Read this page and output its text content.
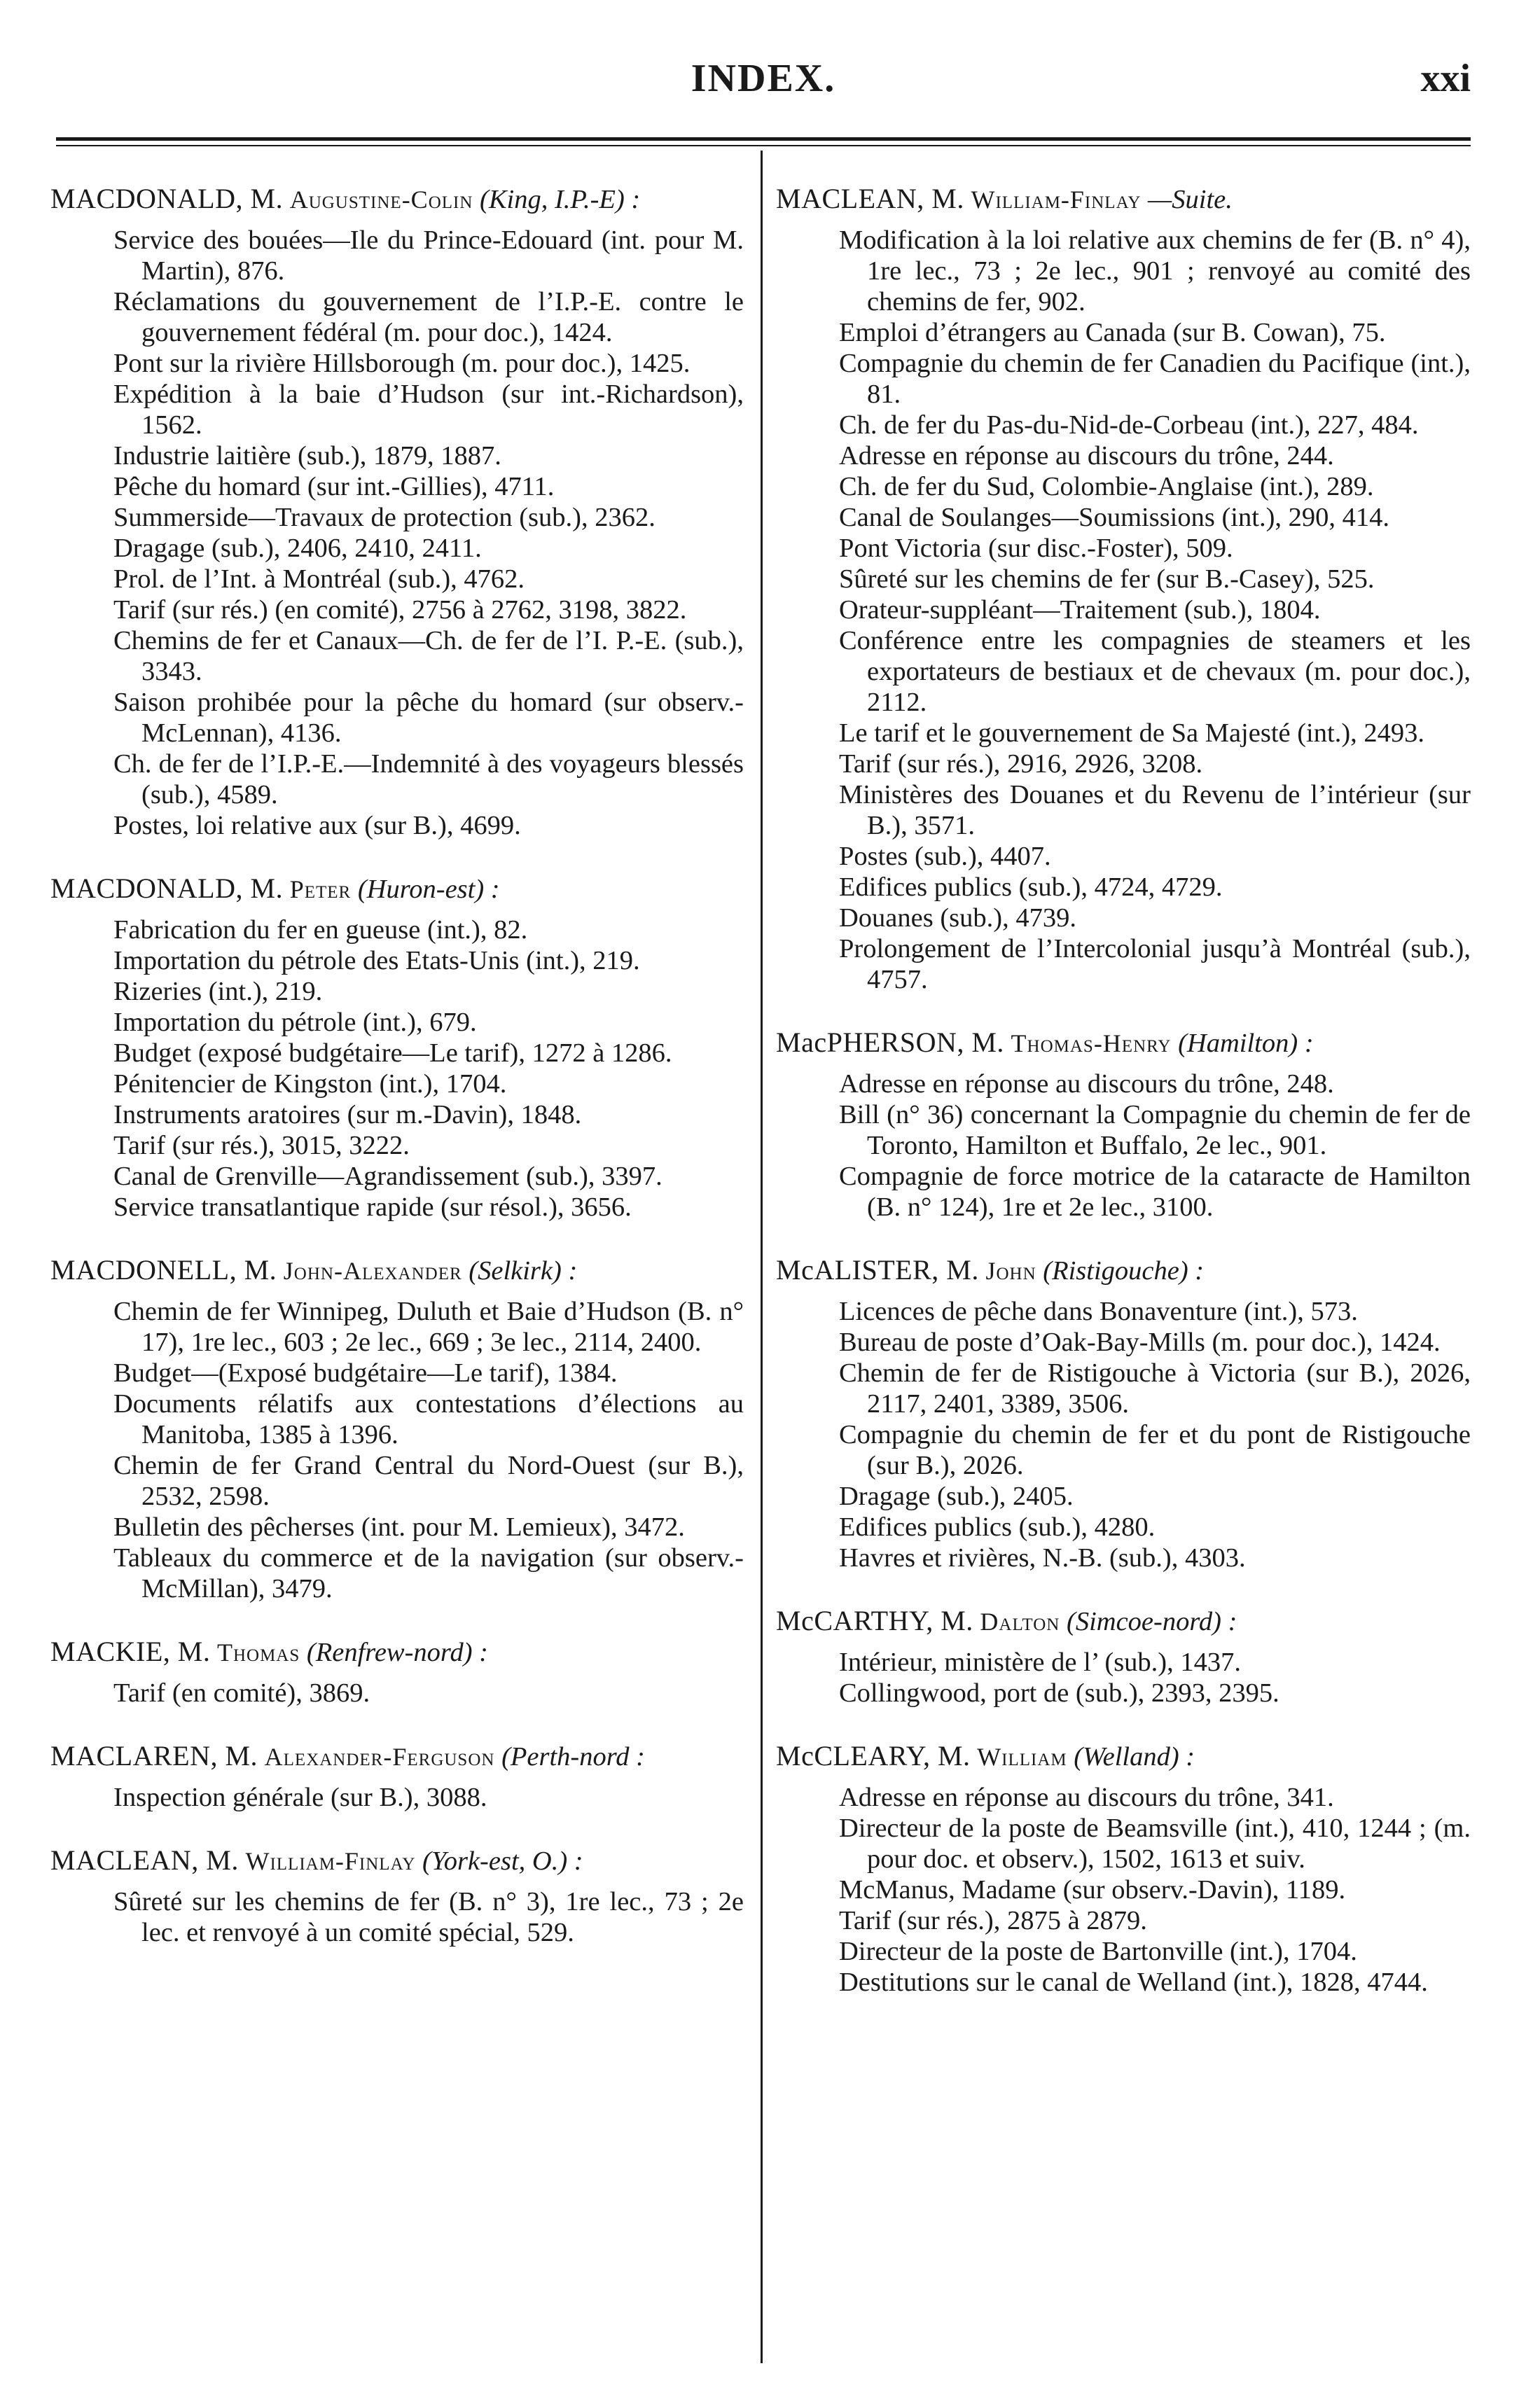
INDEX.	xxi
MACDONALD, M. Augustine-Colin (King, I.P.-E) :

Service des bouées—Ile du Prince-Edouard (int. pour M. Martin), 876.

Réclamations du gouvernement de l’I.P.-E. contre le gouvernement fédéral (m. pour doc.), 1424.

Pont sur la rivière Hillsborough (m. pour doc.), 1425.

Expédition à la baie d’Hudson (sur int.-Richardson), 1562.

Industrie laitière (sub.), 1879, 1887.

Pêche du homard (sur int.-Gillies), 4711.

Summerside—Travaux de protection (sub.), 2362.

Dragage (sub.), 2406, 2410, 2411.

Prol. de l’Int. à Montréal (sub.), 4762.

Tarif (sur rés.) (en comité), 2756 à 2762, 3198, 3822.

Chemins de fer et Canaux—Ch. de fer de l’I. P.-E. (sub.), 3343.

Saison prohibée pour la pêche du homard (sur observ.-McLennan), 4136.

Ch. de fer de l’I.P.-E.—Indemnité à des voyageurs blessés (sub.), 4589.

Postes, loi relative aux (sur B.), 4699.

MACDONALD, M. Peter (Huron-est) :

Fabrication du fer en gueuse (int.), 82.

Importation du pétrole des Etats-Unis (int.), 219.

Rizeries (int.), 219.

Importation du pétrole (int.), 679.

Budget (exposé budgétaire—Le tarif), 1272 à 1286.

Pénitencier de Kingston (int.), 1704.

Instruments aratoires (sur m.-Davin), 1848.

Tarif (sur rés.), 3015, 3222.

Canal de Grenville—Agrandissement (sub.), 3397.

Service transatlantique rapide (sur résol.), 3656.

MACDONELL, M. John-Alexander (Selkirk) :

Chemin de fer Winnipeg, Duluth et Baie d’Hudson (B. n° 17), 1re lec., 603 ; 2e lec., 669 ; 3e lec., 2114, 2400.

Budget—(Exposé budgétaire—Le tarif), 1384.

Documents rélatifs aux contestations d’élections au Manitoba, 1385 à 1396.

Chemin de fer Grand Central du Nord-Ouest (sur B.), 2532, 2598.

Bulletin des pêcherses (int. pour M. Lemieux), 3472.

Tableaux du commerce et de la navigation (sur observ.-McMillan), 3479.

MACKIE, M. Thomas (Renfrew-nord) :

Tarif (en comité), 3869.

MACLAREN, M. Alexander-Ferguson (Perth-nord :

Inspection générale (sur B.), 3088.

MACLEAN, M. William-Finlay (York-est, O.) :

Sûreté sur les chemins de fer (B. n° 3), 1re lec., 73 ; 2e lec. et renvoyé à un comité spécial, 529.

MACLEAN, M. William-Finlay —Suite.

Modification à la loi relative aux chemins de fer (B. n° 4), 1re lec., 73 ; 2e lec., 901 ; renvoyé au comité des chemins de fer, 902.

Emploi d’étrangers au Canada (sur B. Cowan), 75.

Compagnie du chemin de fer Canadien du Pacifique (int.), 81.

Ch. de fer du Pas-du-Nid-de-Corbeau (int.), 227, 484.

Adresse en réponse au discours du trône, 244.

Ch. de fer du Sud, Colombie-Anglaise (int.), 289.

Canal de Soulanges—Soumissions (int.), 290, 414.

Pont Victoria (sur disc.-Foster), 509.

Sûreté sur les chemins de fer (sur B.-Casey), 525.

Orateur-suppléant—Traitement (sub.), 1804.

Conférence entre les compagnies de steamers et les exportateurs de bestiaux et de chevaux (m. pour doc.), 2112.

Le tarif et le gouvernement de Sa Majesté (int.), 2493.

Tarif (sur rés.), 2916, 2926, 3208.

Ministères des Douanes et du Revenu de l’intérieur (sur B.), 3571.

Postes (sub.), 4407.

Edifices publics (sub.), 4724, 4729.

Douanes (sub.), 4739.

Prolongement de l’Intercolonial jusqu’à Montréal (sub.), 4757.

MacPHERSON, M. Thomas-Henry (Hamilton) :

Adresse en réponse au discours du trône, 248.

Bill (n° 36) concernant la Compagnie du chemin de fer de Toronto, Hamilton et Buffalo, 2e lec., 901.

Compagnie de force motrice de la cataracte de Hamilton (B. n° 124), 1re et 2e lec., 3100.

McALISTER, M. John (Ristigouche) :

Licences de pêche dans Bonaventure (int.), 573.

Bureau de poste d’Oak-Bay-Mills (m. pour doc.), 1424.

Chemin de fer de Ristigouche à Victoria (sur B.), 2026, 2117, 2401, 3389, 3506.

Compagnie du chemin de fer et du pont de Ristigouche (sur B.), 2026.

Dragage (sub.), 2405.

Edifices publics (sub.), 4280.

Havres et rivières, N.-B. (sub.), 4303.

McCARTHY, M. Dalton (Simcoe-nord) :

Intérieur, ministère de l’ (sub.), 1437.

Collingwood, port de (sub.), 2393, 2395.

McCLEARY, M. William (Welland) :

Adresse en réponse au discours du trône, 341.

Directeur de la poste de Beamsville (int.), 410, 1244 ; (m. pour doc. et observ.), 1502, 1613 et suiv.

McManus, Madame (sur observ.-Davin), 1189.

Tarif (sur rés.), 2875 à 2879.

Directeur de la poste de Bartonville (int.), 1704.

Destitutions sur le canal de Welland (int.), 1828, 4744.
